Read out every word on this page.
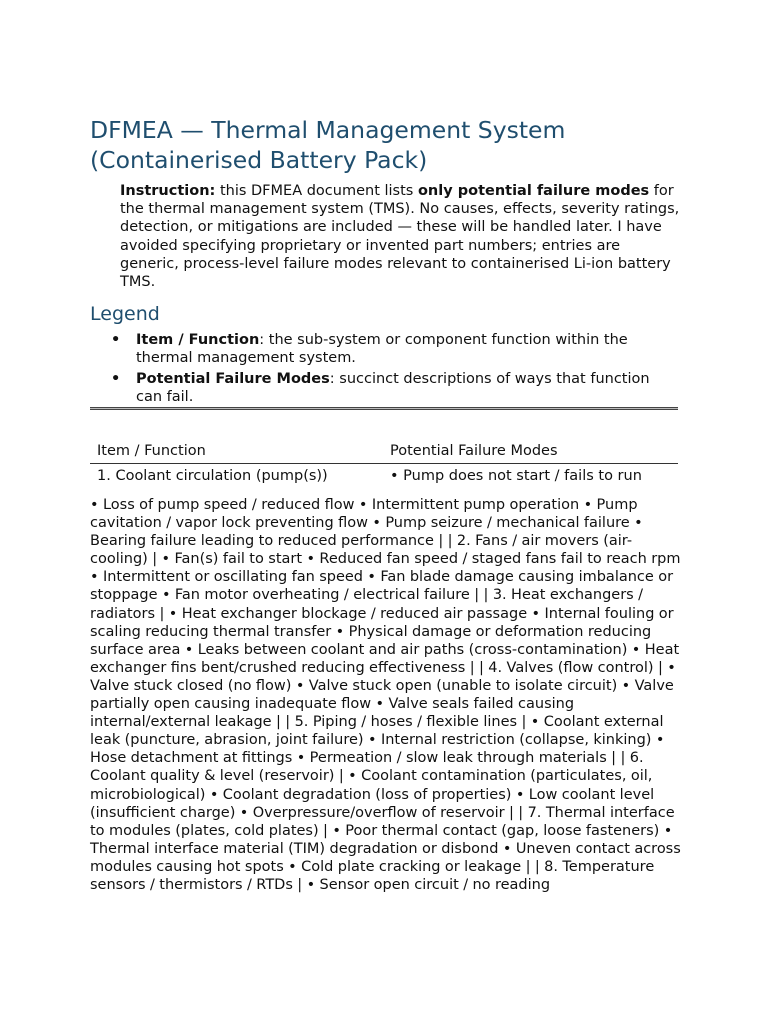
DFMEA — Thermal Management System (Containerised Battery Pack)

Instruction: this DFMEA document lists only potential failure modes for the thermal management system (TMS). No causes, effects, severity ratings, detection, or mitigations are included — these will be handled later. I have avoided specifying proprietary or invented part numbers; entries are generic, process-level failure modes relevant to containerised Li-ion battery TMS.

Legend
• Item / Function: the sub-system or component function within the thermal management system.
• Potential Failure Modes: succinct descriptions of ways that function can fail.
Item / Function	Potential Failure Modes
1. Coolant circulation (pump(s))	• Pump does not start / fails to run

• Loss of pump speed / reduced flow • Intermittent pump operation • Pump cavitation / vapor lock preventing flow • Pump seizure / mechanical failure • Bearing failure leading to reduced performance | | 2. Fans / air movers (air-cooling) | • Fan(s) fail to start • Reduced fan speed / staged fans fail to reach rpm • Intermittent or oscillating fan speed • Fan blade damage causing imbalance or stoppage • Fan motor overheating / electrical failure | | 3. Heat exchangers / radiators | • Heat exchanger blockage / reduced air passage • Internal fouling or scaling reducing thermal transfer • Physical damage or deformation reducing surface area • Leaks between coolant and air paths (cross-contamination) • Heat exchanger fins bent/crushed reducing effectiveness | | 4. Valves (flow control) | • Valve stuck closed (no flow) • Valve stuck open (unable to isolate circuit) • Valve partially open causing inadequate flow • Valve seals failed causing internal/external leakage | | 5. Piping / hoses / flexible lines | • Coolant external leak (puncture, abrasion, joint failure) • Internal restriction (collapse, kinking) • Hose detachment at fittings • Permeation / slow leak through materials | | 6. Coolant quality & level (reservoir) | • Coolant contamination (particulates, oil, microbiological) • Coolant degradation (loss of properties) • Low coolant level (insufficient charge) • Overpressure/overflow of reservoir | | 7. Thermal interface to modules (plates, cold plates) | • Poor thermal contact (gap, loose fasteners) • Thermal interface material (TIM) degradation or disbond • Uneven contact across modules causing hot spots • Cold plate cracking or leakage | | 8. Temperature sensors / thermistors / RTDs | • Sensor open circuit / no reading
